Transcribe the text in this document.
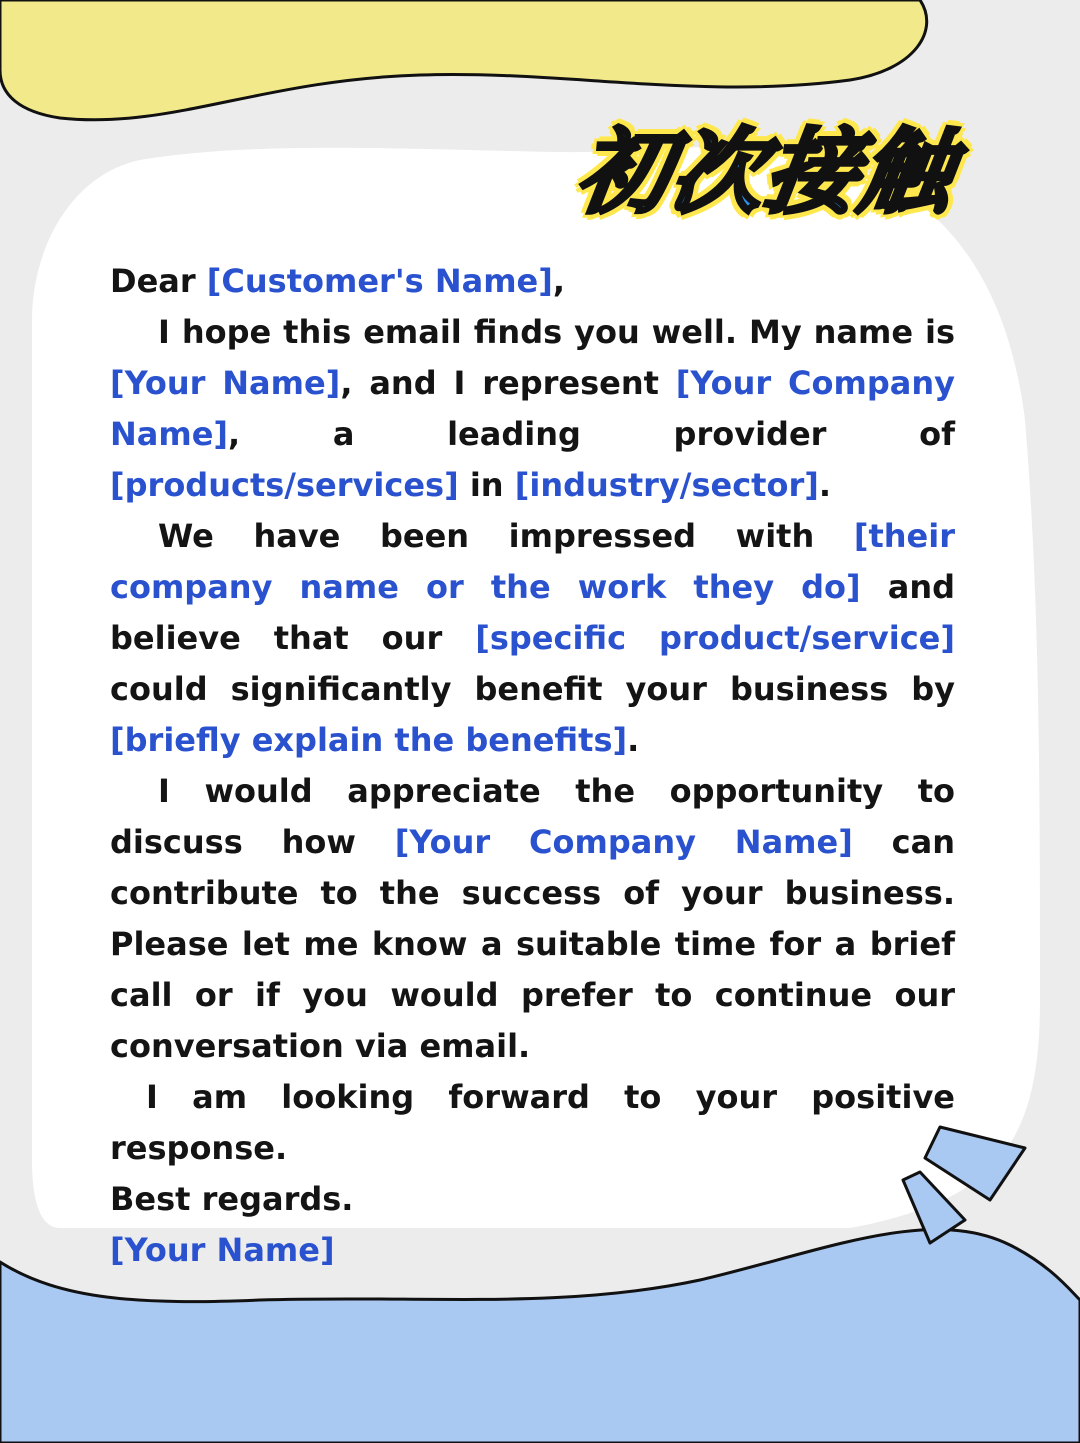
初次接触

Dear [Customer's Name],

I hope this email finds you well. My name is [Your Name], and I represent [Your Company Name], a leading provider of [products/services] in [industry/sector].

We have been impressed with [their company name or the work they do] and believe that our [specific product/service] could significantly benefit your business by [briefly explain the benefits].

I would appreciate the opportunity to discuss how [Your Company Name] can contribute to the success of your business. Please let me know a suitable time for a brief call or if you would prefer to continue our conversation via email.

I am looking forward to your positive response.

Best regards.

[Your Name]
